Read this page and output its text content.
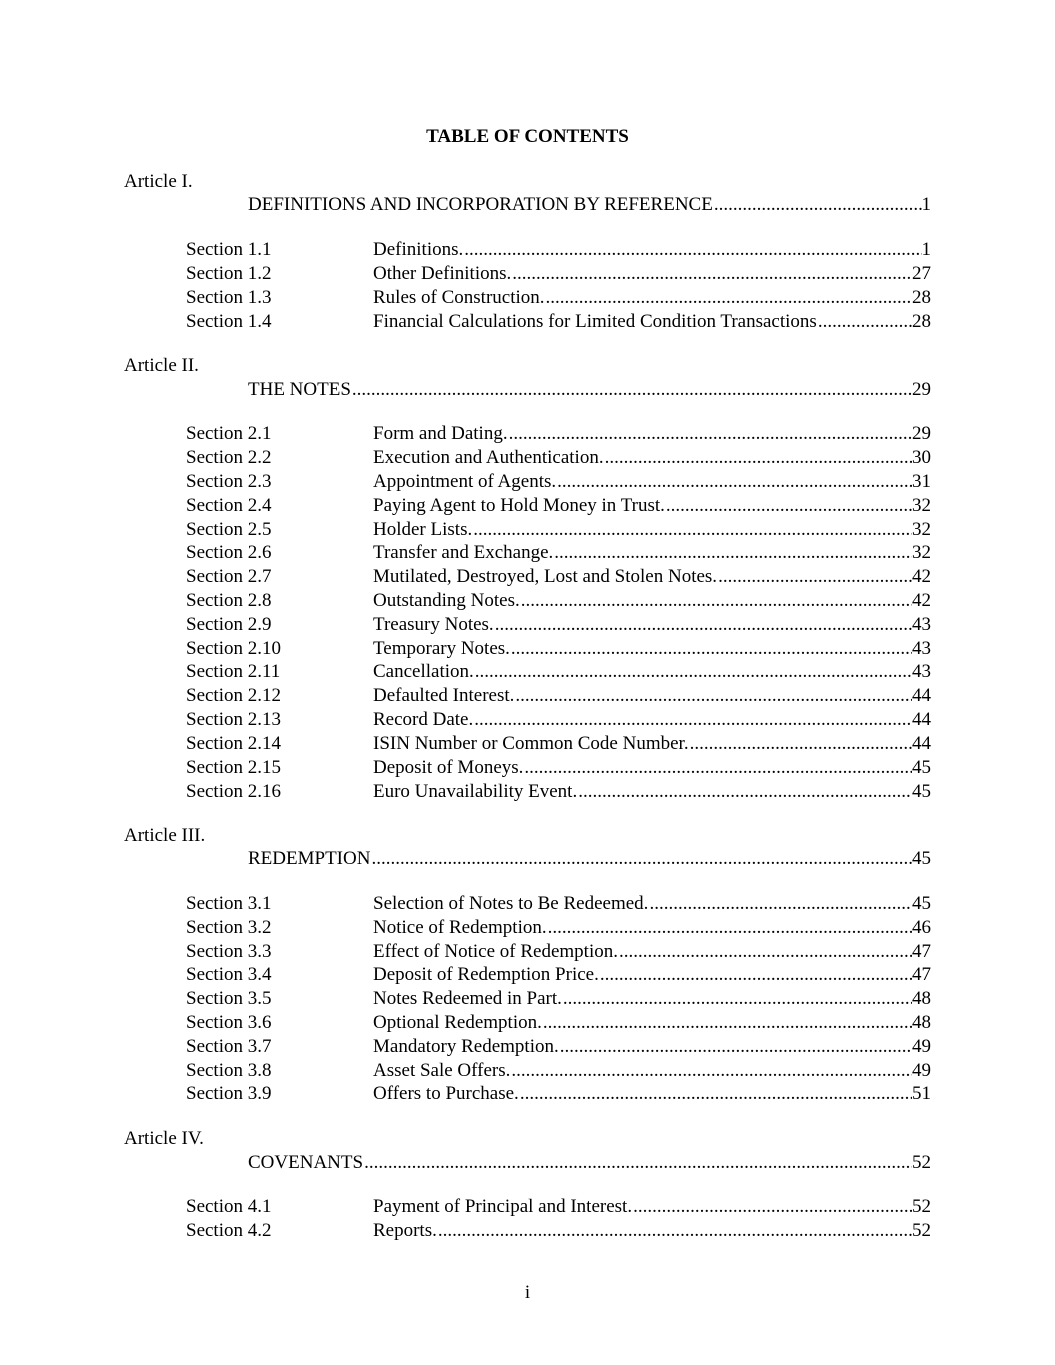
TABLE OF CONTENTS
Article I.
DEFINITIONS AND INCORPORATION BY REFERENCE .....	1
Section 1.1	Definitions. .....	1
Section 1.2	Other Definitions. .....	27
Section 1.3	Rules of Construction. .....	28
Section 1.4	Financial Calculations for Limited Condition Transactions .....	28
Article II.
THE NOTES .....	29
Section 2.1	Form and Dating. .....	29
Section 2.2	Execution and Authentication. .....	30
Section 2.3	Appointment of Agents. .....	31
Section 2.4	Paying Agent to Hold Money in Trust. .....	32
Section 2.5	Holder Lists. .....	32
Section 2.6	Transfer and Exchange. .....	32
Section 2.7	Mutilated, Destroyed, Lost and Stolen Notes. .....	42
Section 2.8	Outstanding Notes. .....	42
Section 2.9	Treasury Notes. .....	43
Section 2.10	Temporary Notes. .....	43
Section 2.11	Cancellation. .....	43
Section 2.12	Defaulted Interest. .....	44
Section 2.13	Record Date. .....	44
Section 2.14	ISIN Number or Common Code Number. .....	44
Section 2.15	Deposit of Moneys. .....	45
Section 2.16	Euro Unavailability Event. .....	45
Article III.
REDEMPTION .....	45
Section 3.1	Selection of Notes to Be Redeemed. .....	45
Section 3.2	Notice of Redemption. .....	46
Section 3.3	Effect of Notice of Redemption. .....	47
Section 3.4	Deposit of Redemption Price. .....	47
Section 3.5	Notes Redeemed in Part. .....	48
Section 3.6	Optional Redemption. .....	48
Section 3.7	Mandatory Redemption. .....	49
Section 3.8	Asset Sale Offers. .....	49
Section 3.9	Offers to Purchase. .....	51
Article IV.
COVENANTS .....	52
Section 4.1	Payment of Principal and Interest. .....	52
Section 4.2	Reports. .....	52
i
